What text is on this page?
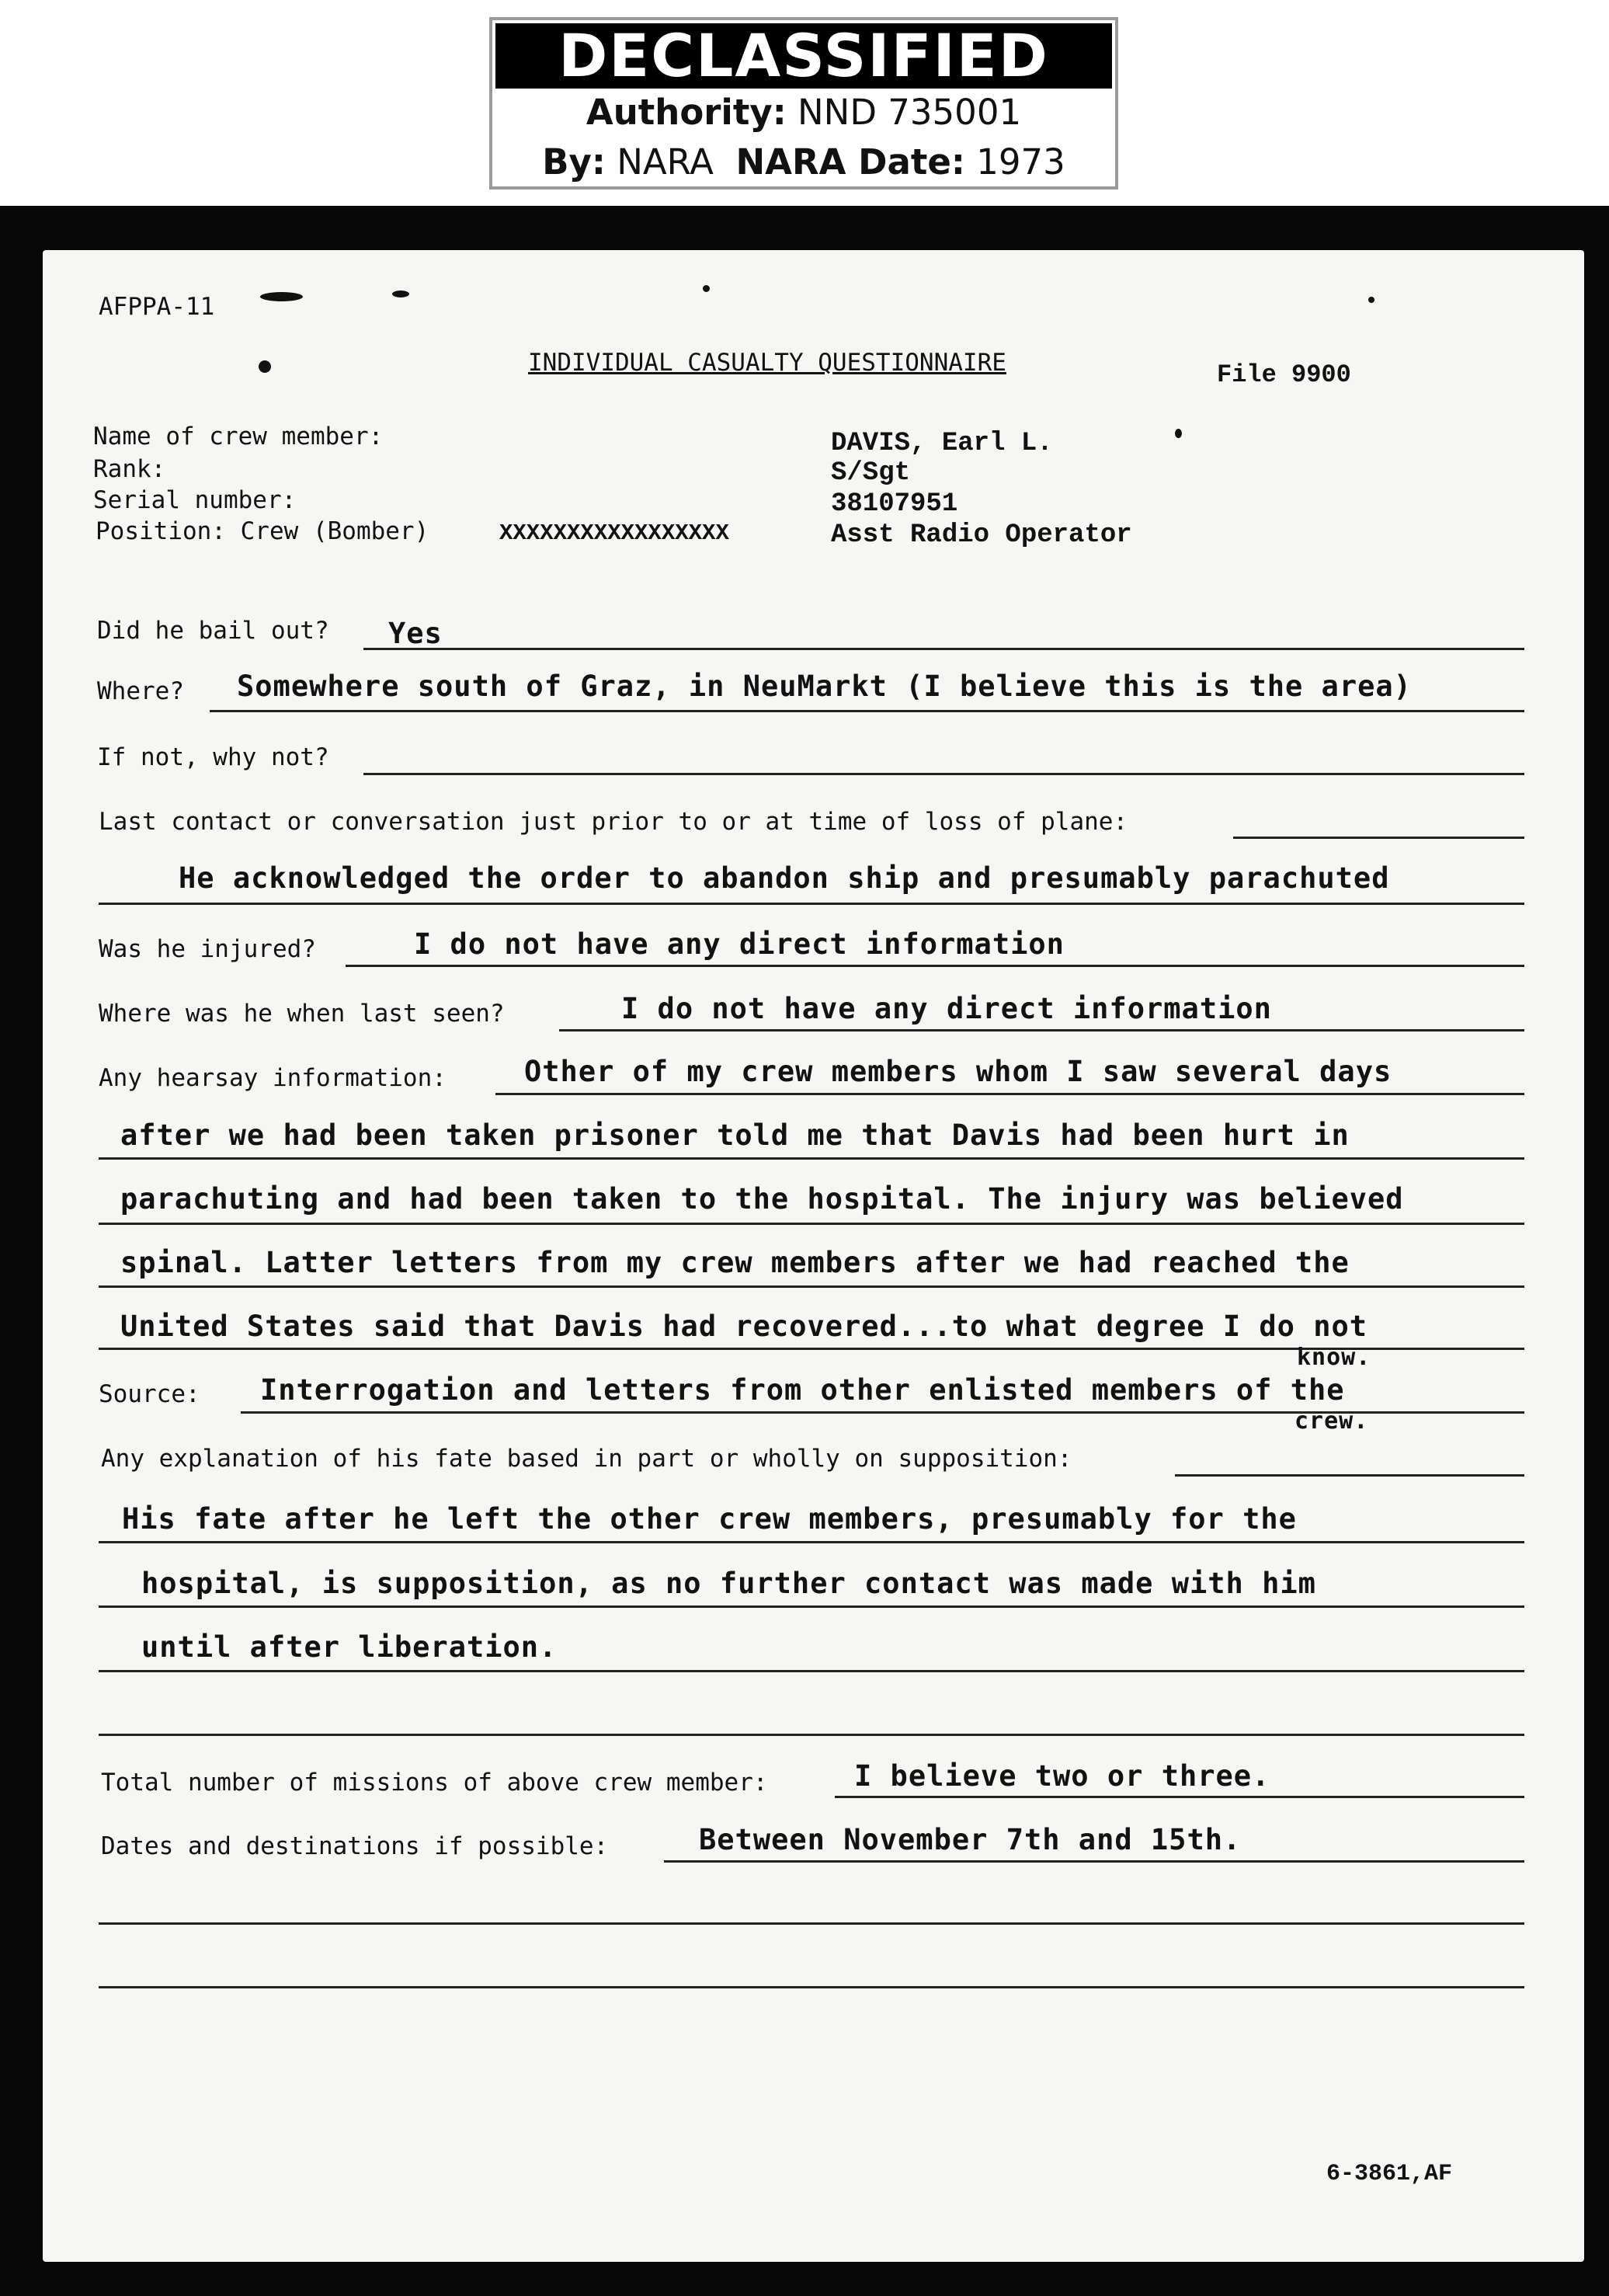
DECLASSIFIED
Authority: NND 735001
By: NARA NARA Date: 1973
AFPPA-11
INDIVIDUAL CASUALTY QUESTIONNAIRE	File 9900
Name of crew member:	DAVIS, Earl L.
Rank:	S/Sgt
Serial number:	38107951
Position: Crew (Bomber)	XXXXXXXXXXXXXXXXX	Asst Radio Operator
Did he bail out? Yes
Where? Somewhere south of Graz, in NeuMarkt (I believe this is the area)
If not, why not?
Last contact or conversation just prior to or at time of loss of plane:
He acknowledged the order to abandon ship and presumably parachuted
Was he injured?	I do not have any direct information
Where was he when last seen?	I do not have any direct information
Any hearsay information:	Other of my crew members whom I saw several days
after we had been taken prisoner told me that Davis had been hurt in
parachuting and had been taken to the hospital. The injury was believed
spinal. Latter letters from my crew members after we had reached the
United States said that Davis had recovered...to what degree I do not
know.
Source: Interrogation and letters from other enlisted members of the
crew.
Any explanation of his fate based in part or wholly on supposition:
His fate after he left the other crew members, presumably for the
hospital, is supposition, as no further contact was made with him
until after liberation.
Total number of missions of above crew member:	I believe two or three.
Dates and destinations if possible:	Between November 7th and 15th.
6-3861,AF
